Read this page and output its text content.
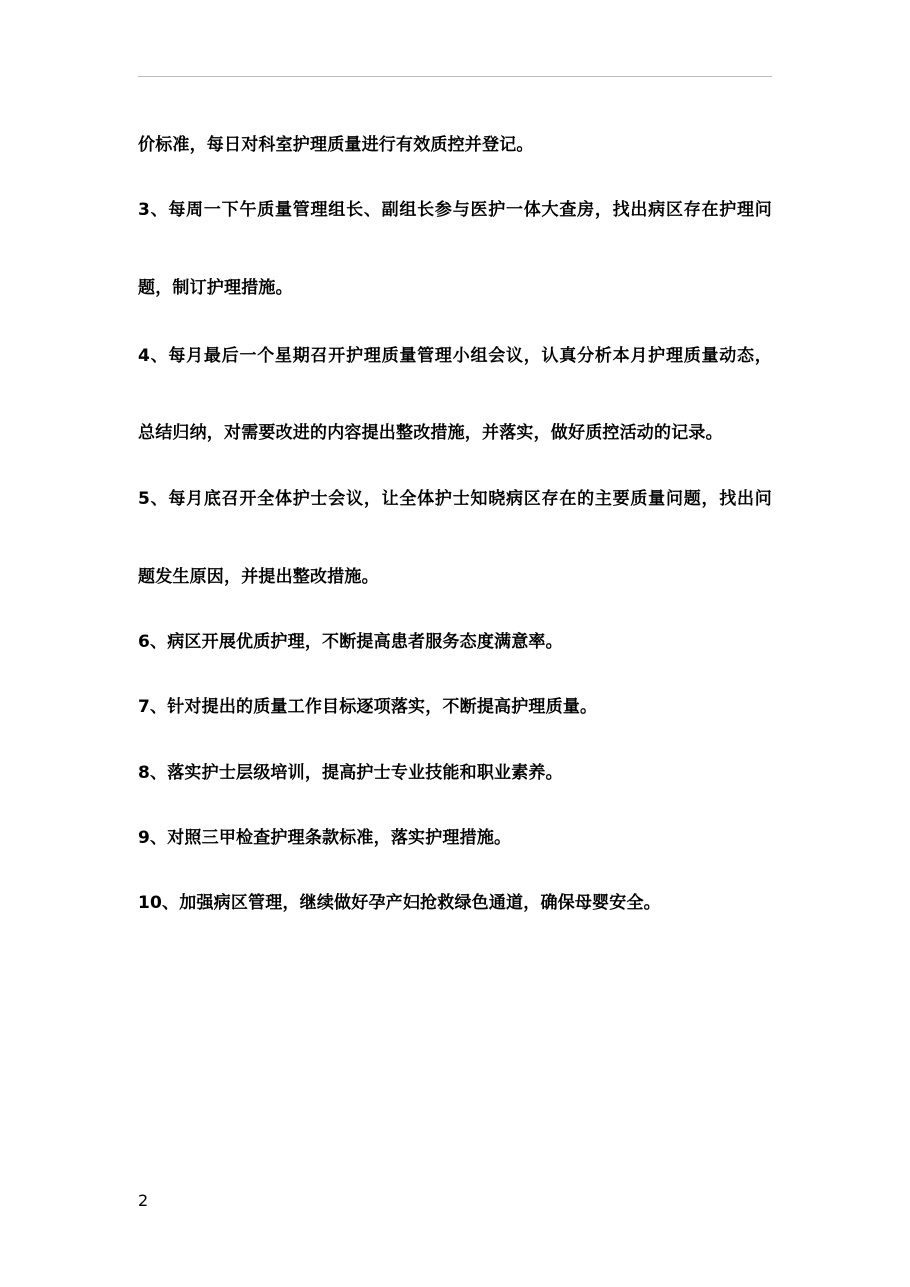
价标准，每日对科室护理质量进行有效质控并登记。
3、每周一下午质量管理组长、副组长参与医护一体大查房，找出病区存在护理问
题，制订护理措施。
4、每月最后一个星期召开护理质量管理小组会议，认真分析本月护理质量动态，
总结归纳，对需要改进的内容提出整改措施，并落实，做好质控活动的记录。
5、每月底召开全体护士会议，让全体护士知晓病区存在的主要质量问题，找出问
题发生原因，并提出整改措施。
6、病区开展优质护理，不断提高患者服务态度满意率。
7、针对提出的质量工作目标逐项落实，不断提高护理质量。
8、落实护士层级培训，提高护士专业技能和职业素养。
9、对照三甲检查护理条款标准，落实护理措施。
10、加强病区管理，继续做好孕产妇抢救绿色通道，确保母婴安全。
2
